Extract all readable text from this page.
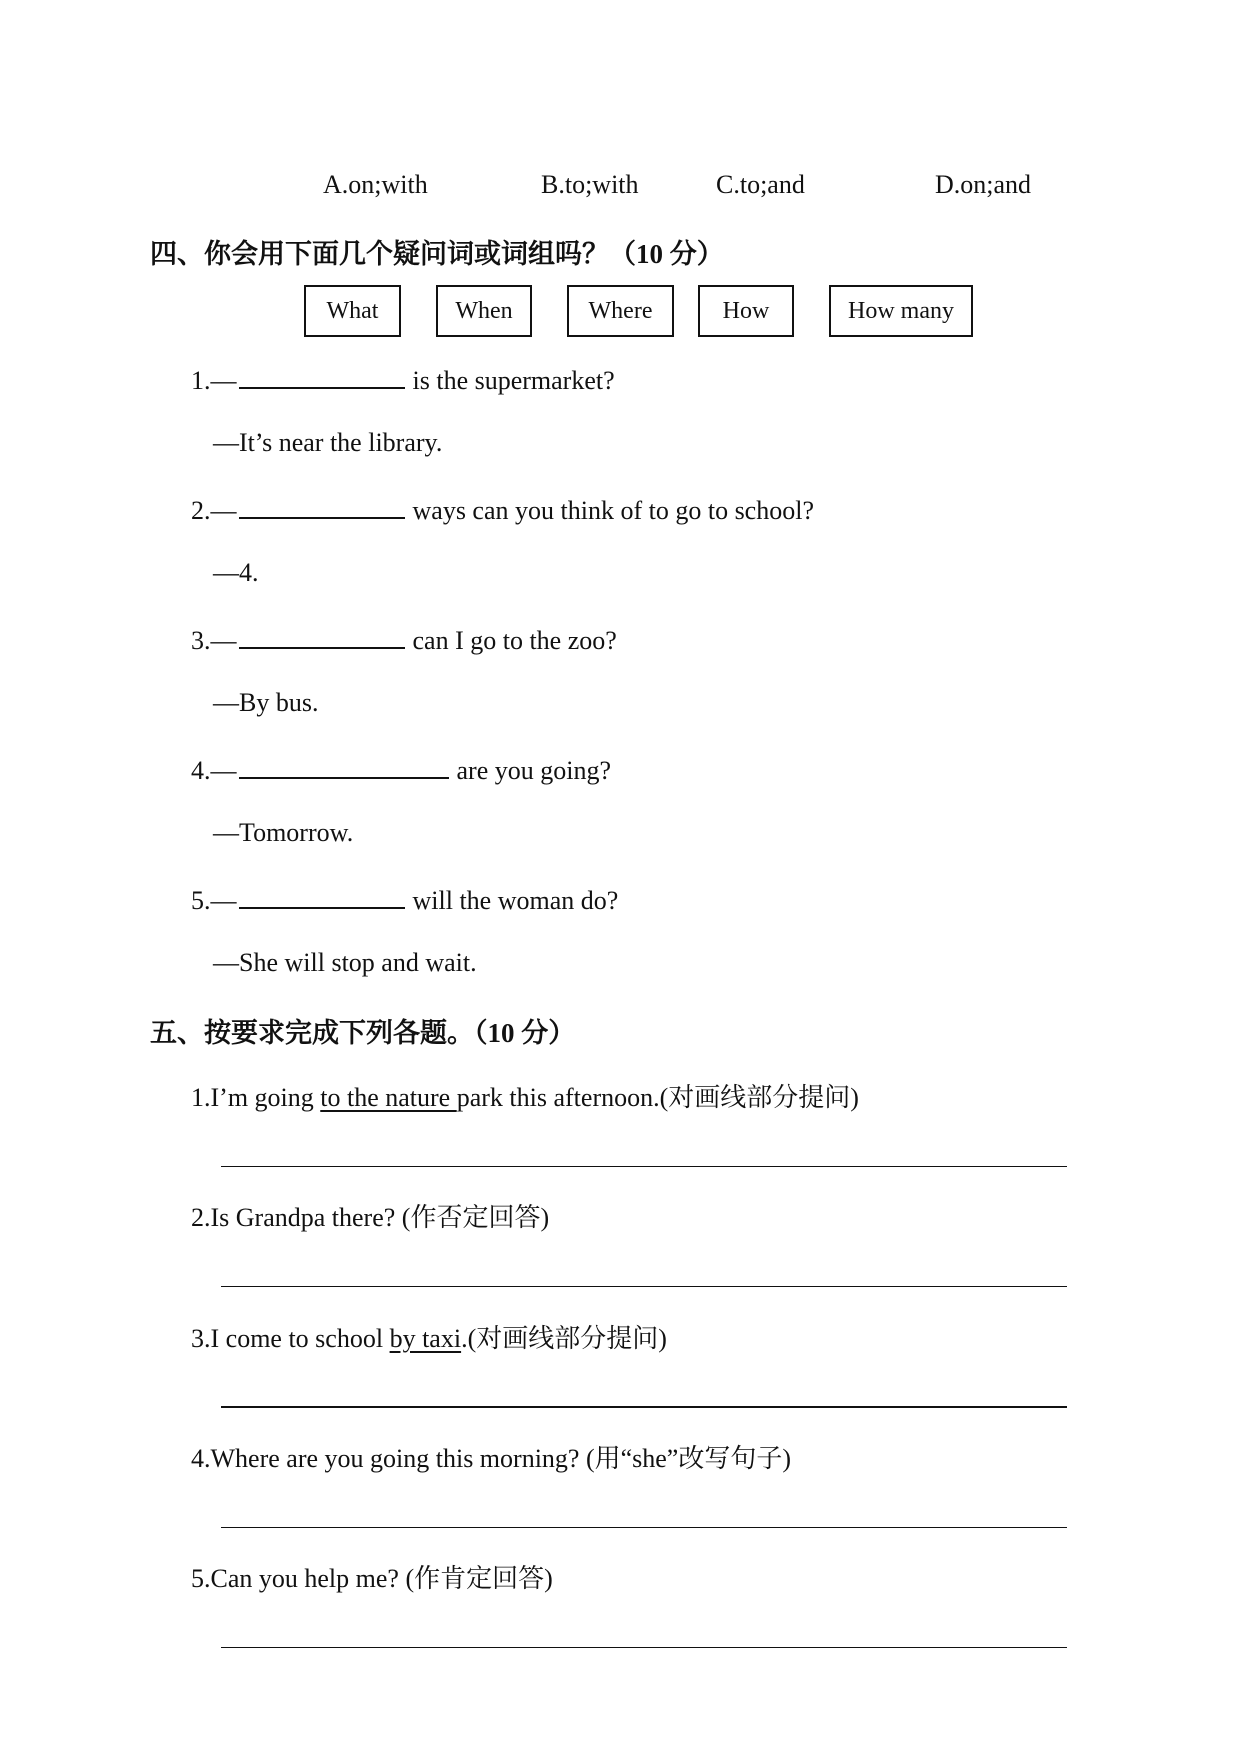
A.on;with	B.to;with	C.to;and	D.on;and
四、你会用下面几个疑问词或词组吗？（10 分）
What	When	Where	How	How many
1.—	is the supermarket?
—It’s near the library.
2.—	ways can you think of to go to school?
—4.
3.—	can I go to the zoo?
—By bus.
4.—	are you going?
—Tomorrow.
5.—	will the woman do?
—She will stop and wait.
五、按要求完成下列各题。（10 分）
1.I’m going to the nature park this afternoon.(对画线部分提问)
2.Is Grandpa there? (作否定回答)
3.I come to school by taxi.(对画线部分提问)
4.Where are you going this morning? (用“she”改写句子)
5.Can you help me? (作肯定回答)
